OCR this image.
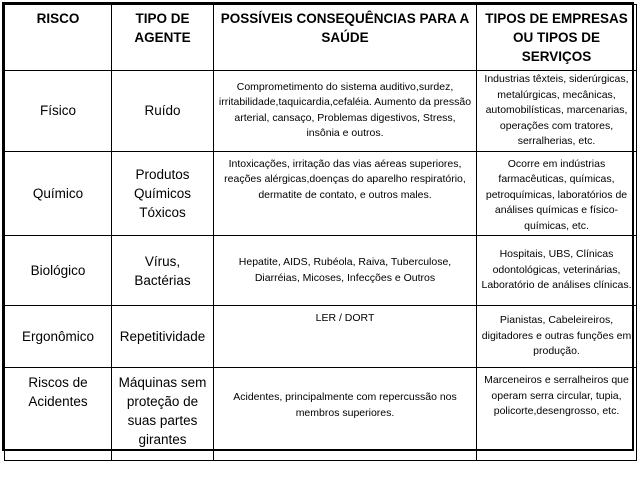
RISCO	TIPO DE AGENTE	POSSÍVEIS CONSEQUÊNCIAS PARA A SAÚDE	TIPOS DE EMPRESAS OU TIPOS DE SERVIÇOS
Físico	Ruído	Comprometimento do sistema auditivo,surdez, irritabilidade,taquicardia,cefaléia. Aumento da pressão arterial, cansaço, Problemas digestivos, Stress, insônia e outros.	Industrias têxteis, siderúrgicas, metalúrgicas, mecânicas, automobilísticas, marcenarias, operações com tratores, serralherias, etc.
Químico	Produtos Químicos Tóxicos	Intoxicações, irritação das vias aéreas superiores, reações alérgicas,doenças do aparelho respiratório, dermatite de contato, e outros males.	Ocorre em indústrias farmacêuticas, químicas, petroquímicas, laboratórios de análises químicas e físico-químicas, etc.
Biológico	Vírus, Bactérias	Hepatite, AIDS, Rubéola, Raiva, Tuberculose, Diarréias, Micoses, Infecções e Outros	Hospitais, UBS, Clínicas odontológicas, veterinárias, Laboratório de análises clínicas.
Ergonômico	Repetitividade	LER / DORT	Pianistas, Cabeleireiros, digitadores e outras funções em produção.
Riscos de Acidentes	Máquinas sem proteção de suas partes girantes	Acidentes, principalmente com repercussão nos membros superiores.	Marceneiros e serralheiros que operam serra circular, tupia, policorte,desengrosso, etc.
